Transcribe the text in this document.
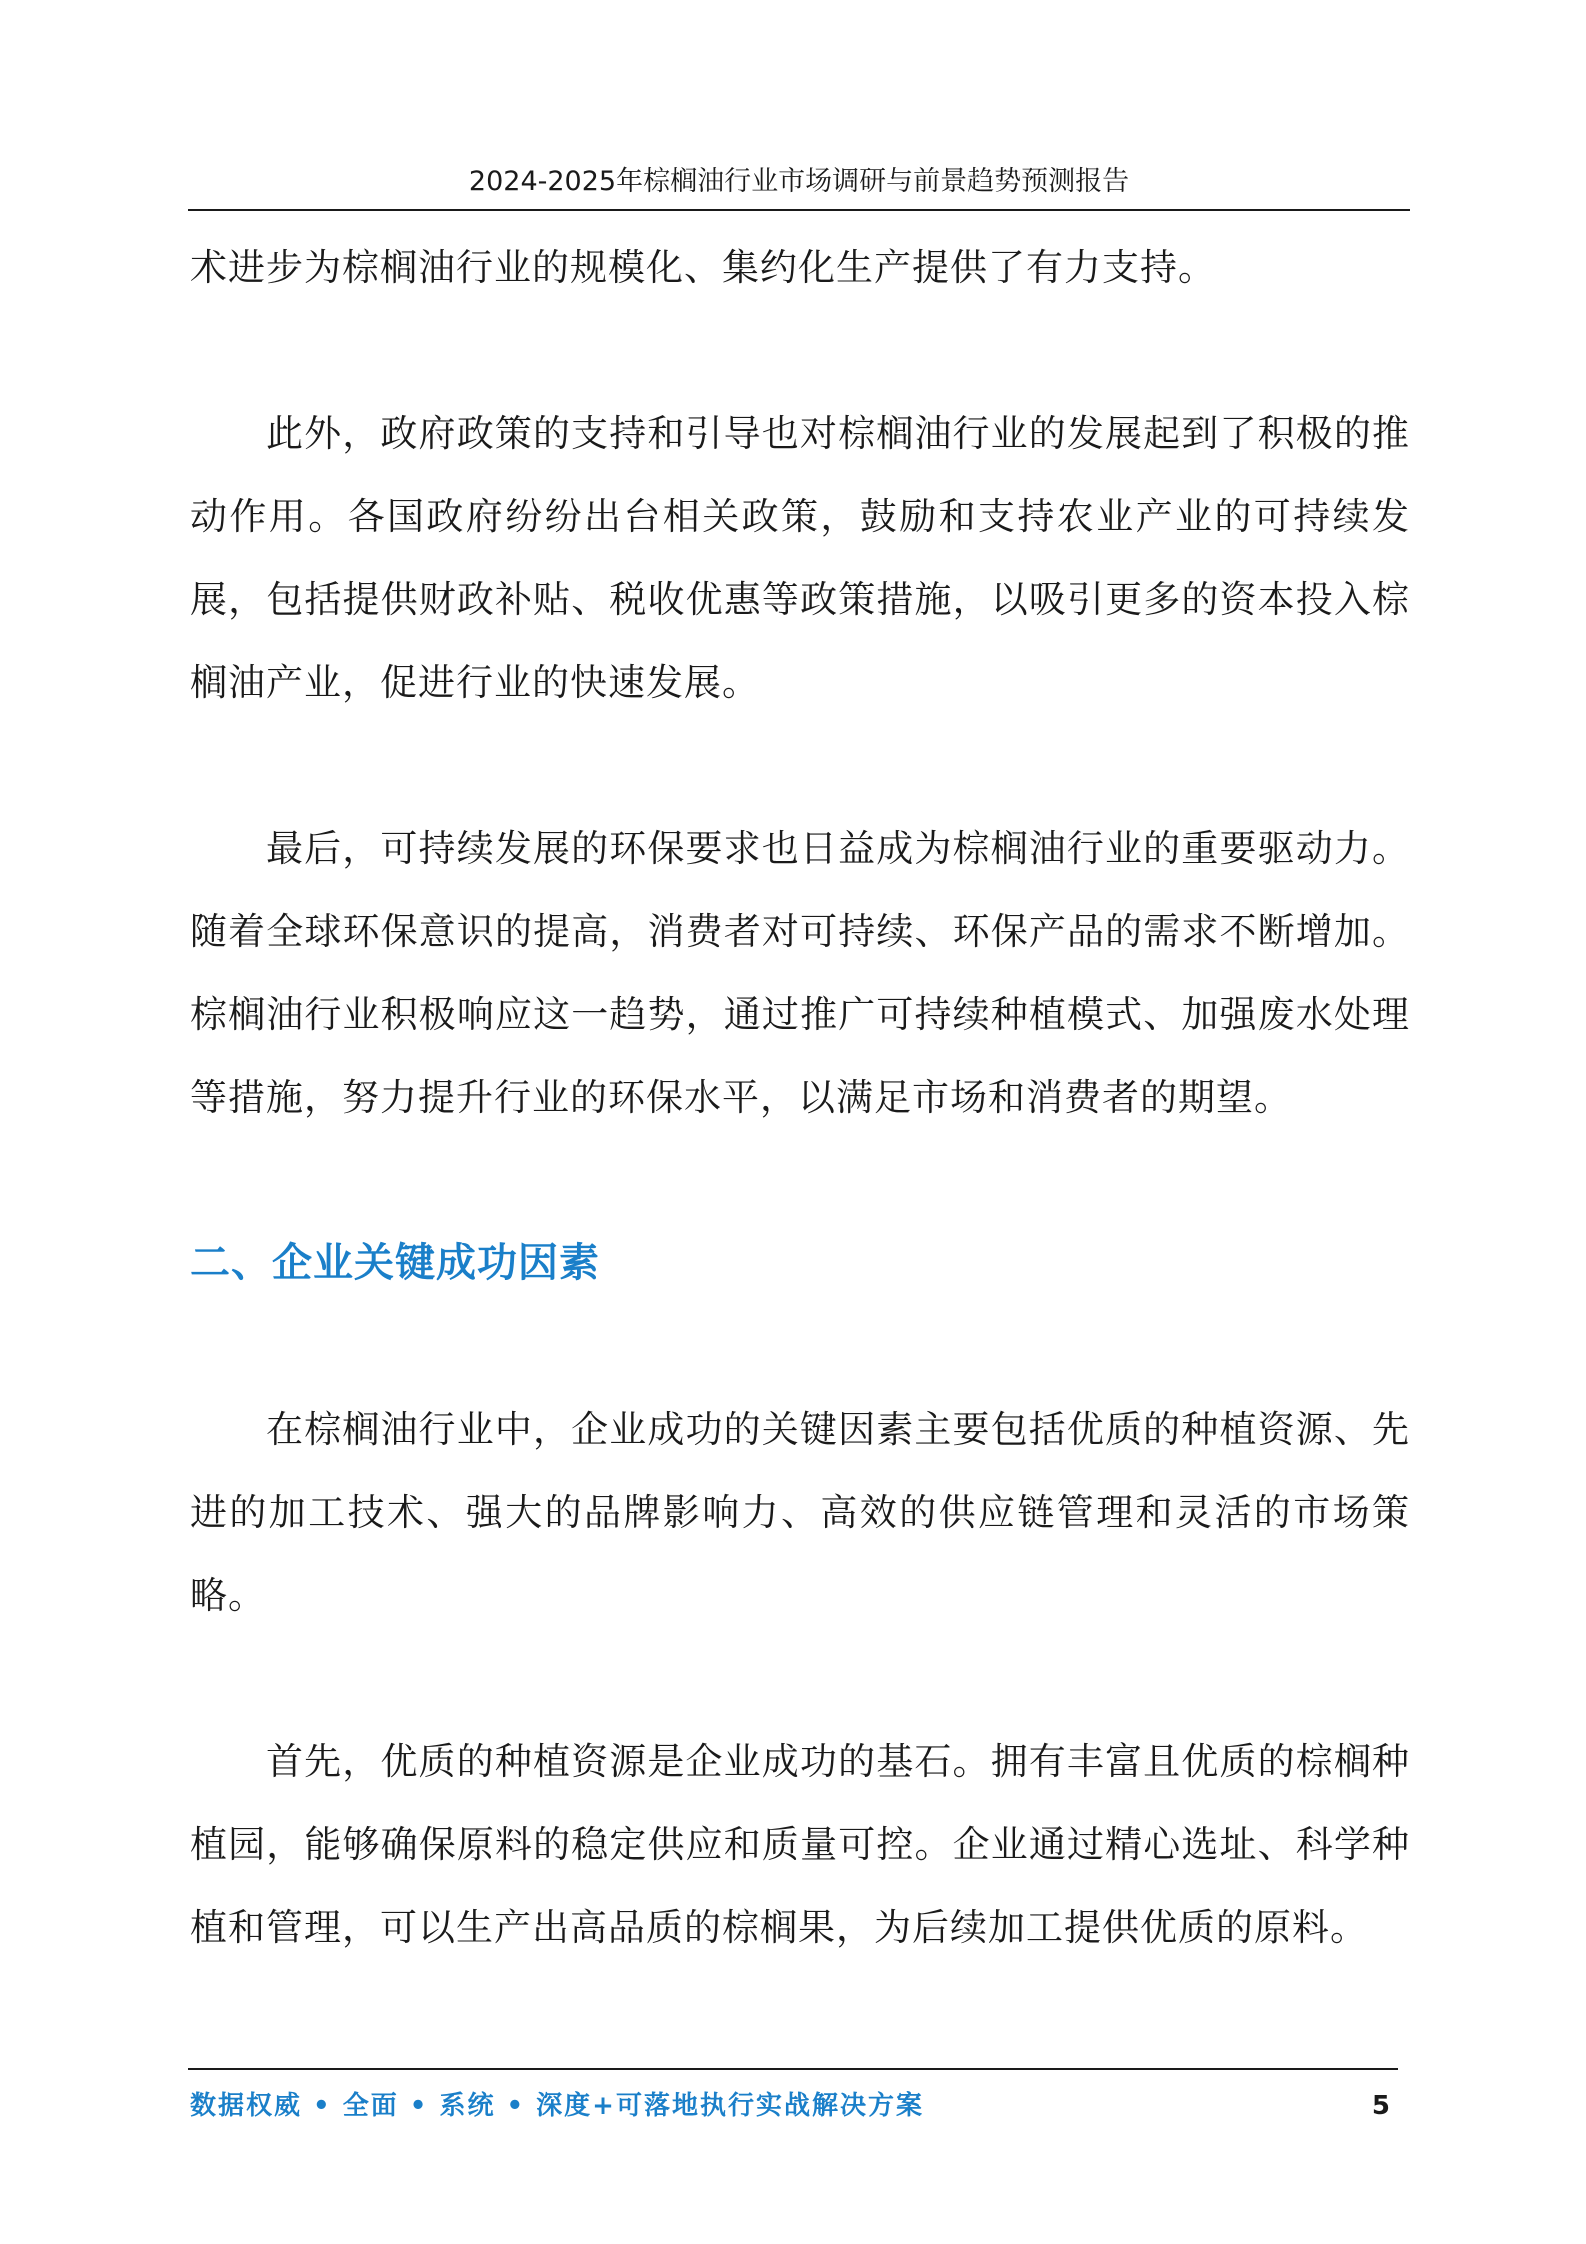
2024-2025年棕榈油行业市场调研与前景趋势预测报告

术进步为棕榈油行业的规模化、集约化生产提供了有力支持。

此外，政府政策的支持和引导也对棕榈油行业的发展起到了积极的推动作用。各国政府纷纷出台相关政策，鼓励和支持农业产业的可持续发展，包括提供财政补贴、税收优惠等政策措施，以吸引更多的资本投入棕榈油产业，促进行业的快速发展。

最后，可持续发展的环保要求也日益成为棕榈油行业的重要驱动力。随着全球环保意识的提高，消费者对可持续、环保产品的需求不断增加。棕榈油行业积极响应这一趋势，通过推广可持续种植模式、加强废水处理等措施，努力提升行业的环保水平，以满足市场和消费者的期望。

二、企业关键成功因素

在棕榈油行业中，企业成功的关键因素主要包括优质的种植资源、先进的加工技术、强大的品牌影响力、高效的供应链管理和灵活的市场策略。

首先，优质的种植资源是企业成功的基石。拥有丰富且优质的棕榈种植园，能够确保原料的稳定供应和质量可控。企业通过精心选址、科学种植和管理，可以生产出高品质的棕榈果，为后续加工提供优质的原料。

数据权威 • 全面 • 系统 • 深度+可落地执行实战解决方案	5
